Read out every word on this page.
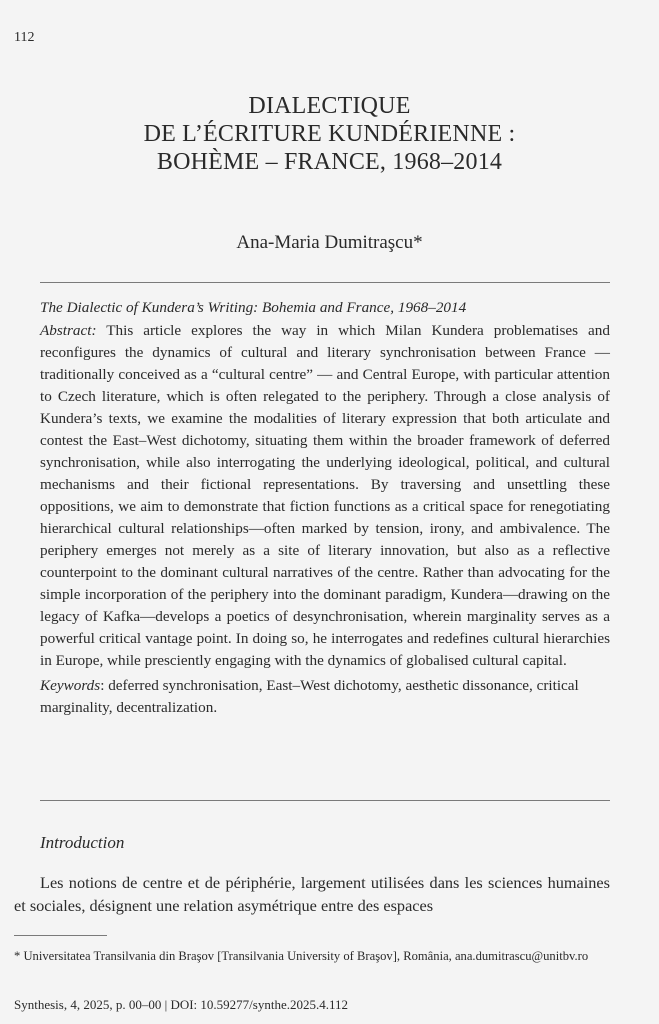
112
DIALECTIQUE
DE L’ÉCRITURE KUNDÉRIENNE :
BOHÈME – FRANCE, 1968–2014
Ana-Maria Dumitraşcu*
The Dialectic of Kundera’s Writing: Bohemia and France, 1968–2014
Abstract: This article explores the way in which Milan Kundera problematises and reconfigures the dynamics of cultural and literary synchronisation between France — traditionally conceived as a “cultural centre” — and Central Europe, with particular attention to Czech literature, which is often relegated to the periphery. Through a close analysis of Kundera’s texts, we examine the modalities of literary expression that both articulate and contest the East–West dichotomy, situating them within the broader framework of deferred synchronisation, while also interrogating the underlying ideological, political, and cultural mechanisms and their fictional representations. By traversing and unsettling these oppositions, we aim to demonstrate that fiction functions as a critical space for renegotiating hierarchical cultural relationships—often marked by tension, irony, and ambivalence. The periphery emerges not merely as a site of literary innovation, but also as a reflective counterpoint to the dominant cultural narratives of the centre. Rather than advocating for the simple incorporation of the periphery into the dominant paradigm, Kundera—drawing on the legacy of Kafka—develops a poetics of desynchronisation, wherein marginality serves as a powerful critical vantage point. In doing so, he interrogates and redefines cultural hierarchies in Europe, while presciently engaging with the dynamics of globalised cultural capital.
Keywords: deferred synchronisation, East–West dichotomy, aesthetic dissonance, critical marginality, decentralization.
Introduction
Les notions de centre et de périphérie, largement utilisées dans les sciences humaines et sociales, désignent une relation asymétrique entre des espaces
* Universitatea Transilvania din Braşov [Transilvania University of Braşov], România, ana.dumitrascu@unitbv.ro
Synthesis, 4, 2025, p. 00–00 | DOI: 10.59277/synthe.2025.4.112
